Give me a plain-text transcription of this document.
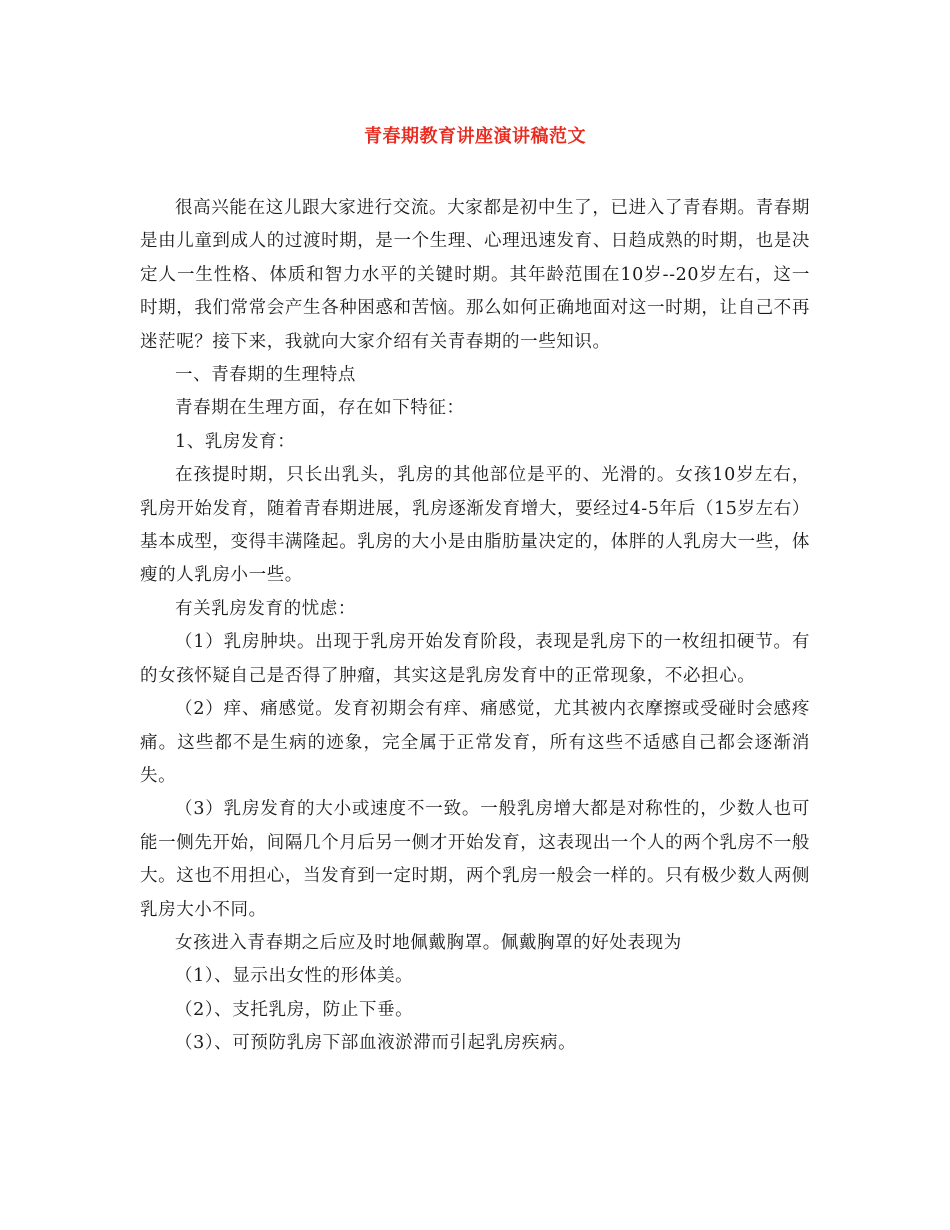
青春期教育讲座演讲稿范文

很高兴能在这儿跟大家进行交流。大家都是初中生了，已进入了青春期。青春期是由儿童到成人的过渡时期，是一个生理、心理迅速发育、日趋成熟的时期，也是决定人一生性格、体质和智力水平的关键时期。其年龄范围在10岁--20岁左右，这一时期，我们常常会产生各种困惑和苦恼。那么如何正确地面对这一时期，让自己不再迷茫呢？接下来，我就向大家介绍有关青春期的一些知识。

一、青春期的生理特点

青春期在生理方面，存在如下特征：

1、乳房发育：

在孩提时期，只长出乳头，乳房的其他部位是平的、光滑的。女孩10岁左右，乳房开始发育，随着青春期进展，乳房逐渐发育增大，要经过4-5年后（15岁左右）基本成型，变得丰满隆起。乳房的大小是由脂肪量决定的，体胖的人乳房大一些，体瘦的人乳房小一些。

有关乳房发育的忧虑：

（1）乳房肿块。出现于乳房开始发育阶段，表现是乳房下的一枚纽扣硬节。有的女孩怀疑自己是否得了肿瘤，其实这是乳房发育中的正常现象，不必担心。

（2）痒、痛感觉。发育初期会有痒、痛感觉，尤其被内衣摩擦或受碰时会感疼痛。这些都不是生病的迹象，完全属于正常发育，所有这些不适感自己都会逐渐消失。

（3）乳房发育的大小或速度不一致。一般乳房增大都是对称性的，少数人也可能一侧先开始，间隔几个月后另一侧才开始发育，这表现出一个人的两个乳房不一般大。这也不用担心，当发育到一定时期，两个乳房一般会一样的。只有极少数人两侧乳房大小不同。

女孩进入青春期之后应及时地佩戴胸罩。佩戴胸罩的好处表现为

（1）、显示出女性的形体美。

（2）、支托乳房，防止下垂。

（3）、可预防乳房下部血液淤滞而引起乳房疾病。
